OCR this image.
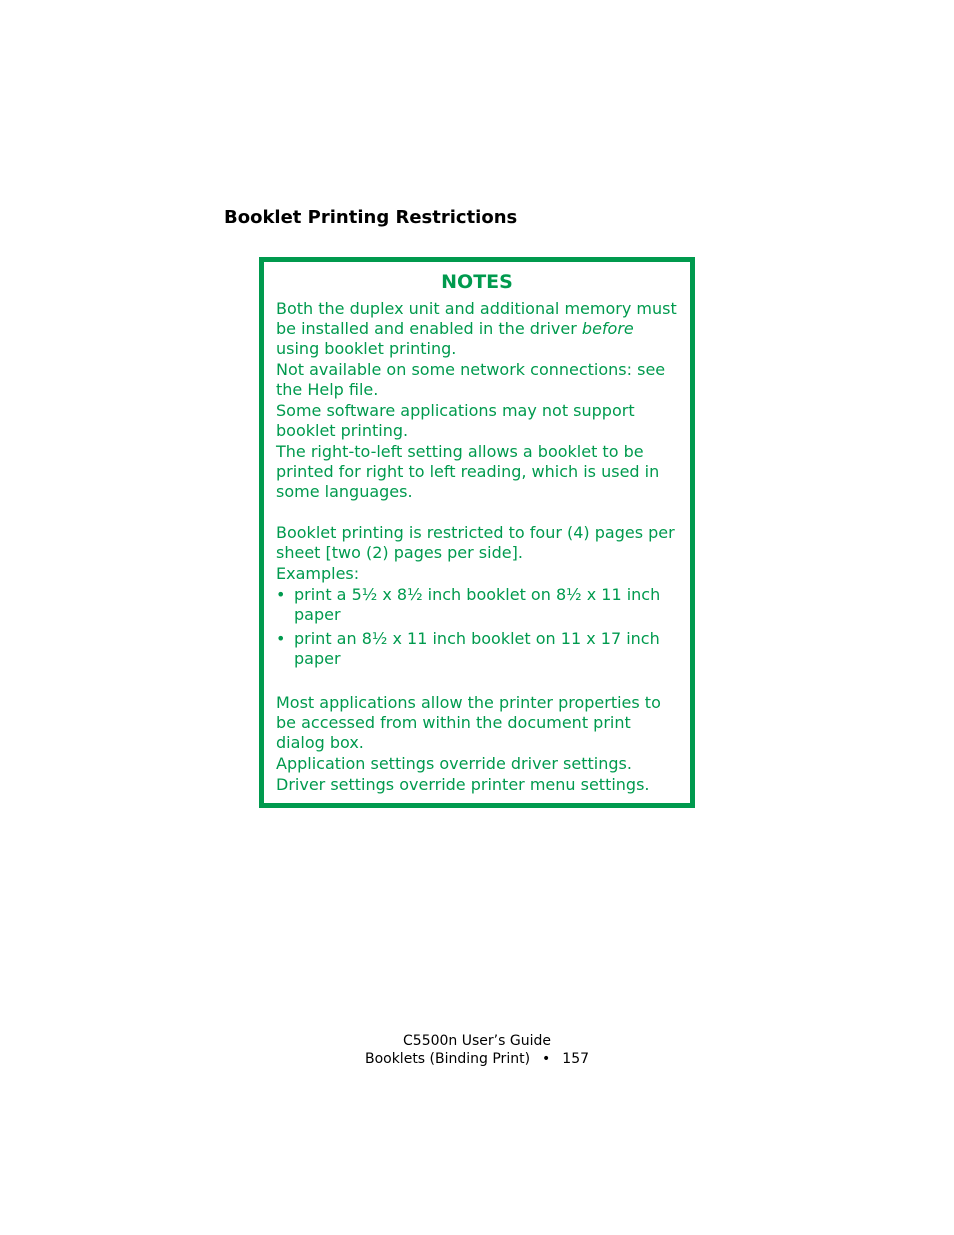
Booklet Printing Restrictions
NOTES

Both the duplex unit and additional memory must be installed and enabled in the driver before using booklet printing.

Not available on some network connections: see the Help file.

Some software applications may not support booklet printing.

The right-to-left setting allows a booklet to be printed for right to left reading, which is used in some languages.

Booklet printing is restricted to four (4) pages per sheet [two (2) pages per side].

Examples:

• print a 5½ x 8½ inch booklet on 8½ x 11 inch paper
• print an 8½ x 11 inch booklet on 11 x 17 inch paper

Most applications allow the printer properties to be accessed from within the document print dialog box.

Application settings override driver settings.

Driver settings override printer menu settings.

C5500n User’s Guide
Booklets (Binding Print) • 157
